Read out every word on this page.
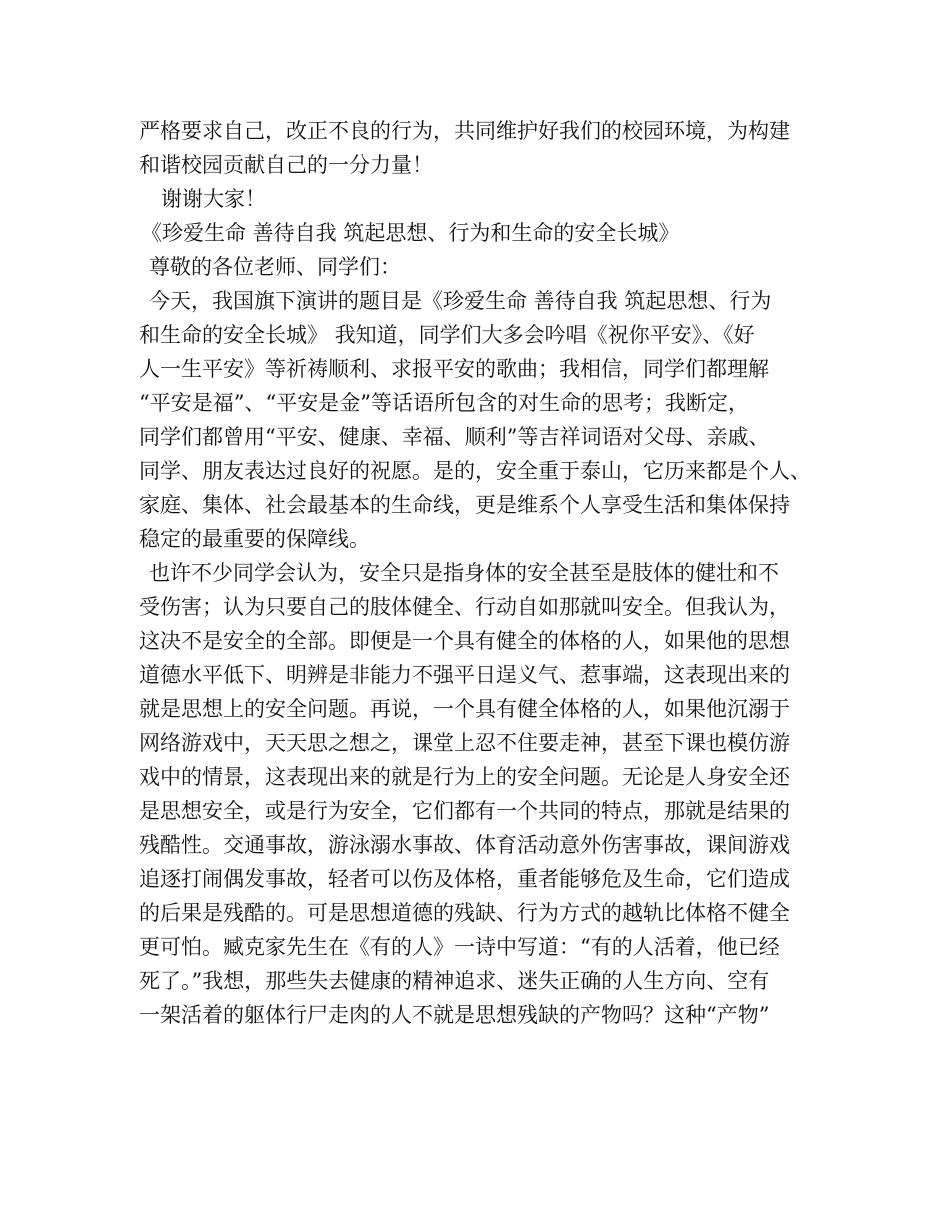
严格要求自己，改正不良的行为，共同维护好我们的校园环境，为构建
和谐校园贡献自己的一分力量！
谢谢大家！
《珍爱生命 善待自我 筑起思想、行为和生命的安全长城》
尊敬的各位老师、同学们：
今天，我国旗下演讲的题目是《珍爱生命 善待自我 筑起思想、行为
和生命的安全长城》 我知道，同学们大多会吟唱《祝你平安》、《好
人一生平安》等祈祷顺利、求报平安的歌曲；我相信，同学们都理解
“平安是福”、“平安是金”等话语所包含的对生命的思考；我断定，
同学们都曾用“平安、健康、幸福、顺利”等吉祥词语对父母、亲戚、
同学、朋友表达过良好的祝愿。是的，安全重于泰山，它历来都是个人、
家庭、集体、社会最基本的生命线，更是维系个人享受生活和集体保持
稳定的最重要的保障线。
也许不少同学会认为，安全只是指身体的安全甚至是肢体的健壮和不
受伤害；认为只要自己的肢体健全、行动自如那就叫安全。但我认为，
这决不是安全的全部。即便是一个具有健全的体格的人，如果他的思想
道德水平低下、明辨是非能力不强平日逞义气、惹事端，这表现出来的
就是思想上的安全问题。再说，一个具有健全体格的人，如果他沉溺于
网络游戏中，天天思之想之，课堂上忍不住要走神，甚至下课也模仿游
戏中的情景，这表现出来的就是行为上的安全问题。无论是人身安全还
是思想安全，或是行为安全，它们都有一个共同的特点，那就是结果的
残酷性。交通事故，游泳溺水事故、体育活动意外伤害事故，课间游戏
追逐打闹偶发事故，轻者可以伤及体格，重者能够危及生命，它们造成
的后果是残酷的。可是思想道德的残缺、行为方式的越轨比体格不健全
更可怕。臧克家先生在《有的人》一诗中写道：“有的人活着，他已经
死了。”我想，那些失去健康的精神追求、迷失正确的人生方向、空有
一架活着的躯体行尸走肉的人不就是思想残缺的产物吗？这种“产物”
